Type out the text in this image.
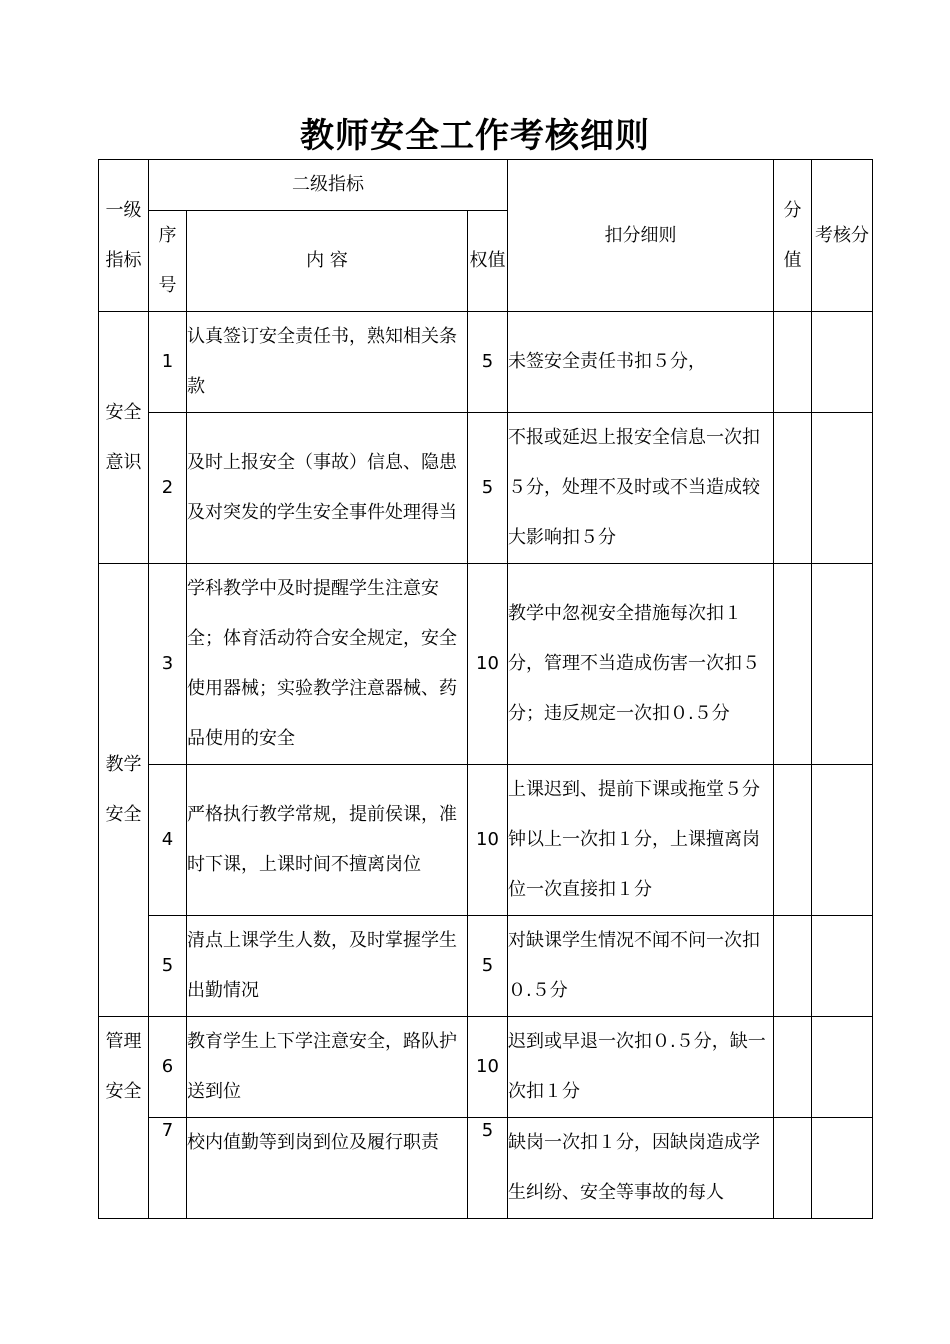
教师安全工作考核细则
一级指标	二级指标			扣分细则	分值	考核分

	序号	内 容	权值			

安全意识	1	认真签订安全责任书，熟知相关条款	5	未签安全责任书扣５分，		
	2	及时上报安全（事故）信息、隐患及对突发的学生安全事件处理得当	5	不报或延迟上报安全信息一次扣５分，处理不及时或不当造成较大影响扣５分		

教学安全	3	学科教学中及时提醒学生注意安全；体育活动符合安全规定，安全使用器械；实验教学注意器械、药品使用的安全	10	教学中忽视安全措施每次扣１分，管理不当造成伤害一次扣５分；违反规定一次扣０.５分		
	4	严格执行教学常规，提前侯课，准时下课，上课时间不擅离岗位	10	上课迟到、提前下课或拖堂５分钟以上一次扣１分，上课擅离岗位一次直接扣１分		
	5	清点上课学生人数，及时掌握学生出勤情况	5	对缺课学生情况不闻不问一次扣０.５分		

管理安全	6	教育学生上下学注意安全，路队护送到位	10	迟到或早退一次扣０.５分，缺一次扣１分		
	7	校内值勤等到岗到位及履行职责	5	缺岗一次扣１分，因缺岗造成学生纠纷、安全等事故的每人		
